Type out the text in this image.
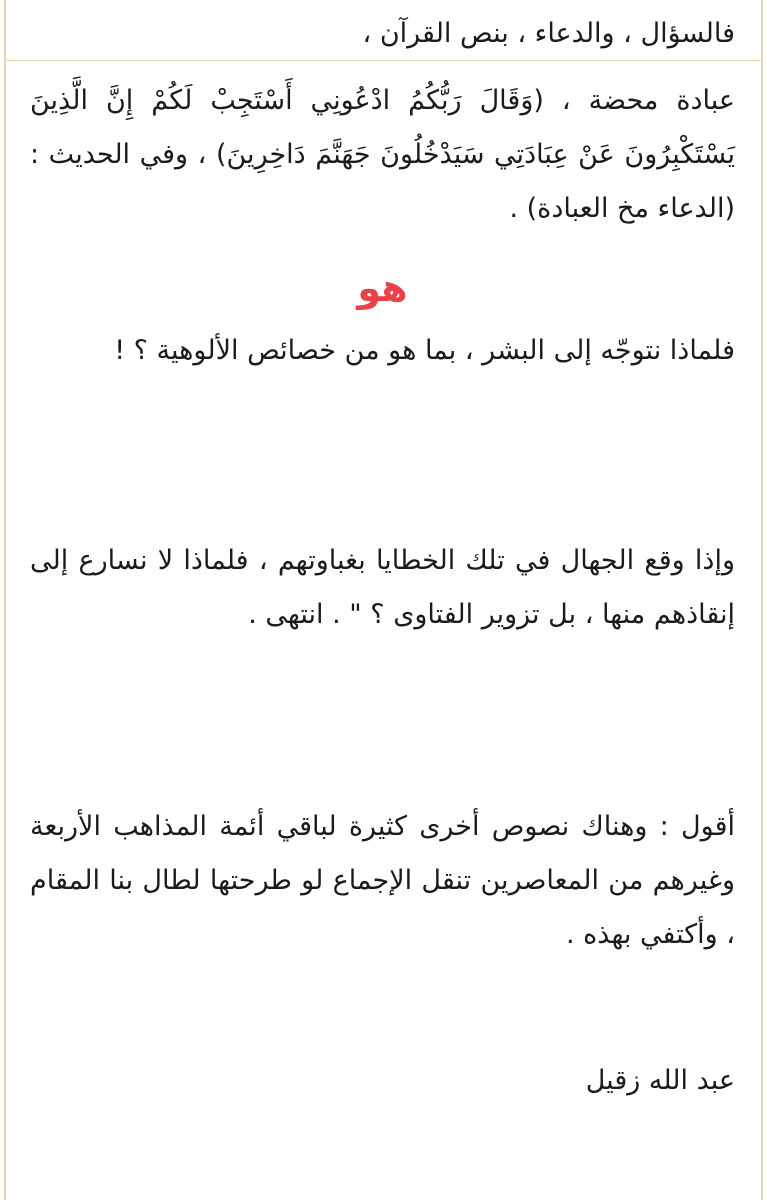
فالسؤال ، والدعاء ، بنص القرآن ،
عبادة محضة ، (وَقَالَ رَبُّكُمُ ادْعُونِي أَسْتَجِبْ لَكُمْ إِنَّ الَّذِينَ يَسْتَكْبِرُونَ عَنْ عِبَادَتِي سَيَدْخُلُونَ جَهَنَّمَ دَاخِرِينَ) ، وفي الحديث : (الدعاء مخ العبادة) .
هو
فلماذا نتوجّه إلى البشر ، بما هو من خصائص الألوهية ؟ !
وإذا وقع الجهال في تلك الخطايا بغباوتهم ، فلماذا لا نسارع إلى إنقاذهم منها ، بل تزوير الفتاوى ؟ " . انتهى .
أقول : وهناك نصوص أخرى كثيرة لباقي أئمة المذاهب الأربعة وغيرهم من المعاصرين تنقل الإجماع لو طرحتها لطال بنا المقام ، وأكتفي بهذه .
عبد الله زقيل
